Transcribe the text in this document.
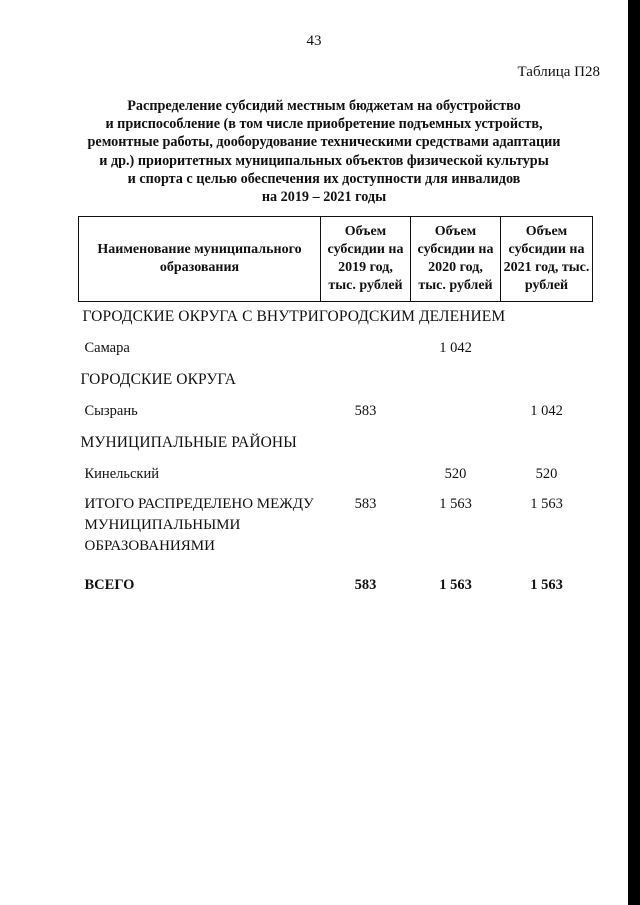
43
Таблица П28
Распределение субсидий местным бюджетам на обустройство
и приспособление (в том числе приобретение подъемных устройств,
ремонтные работы, дооборудование техническими средствами адаптации
и др.) приоритетных муниципальных объектов физической культуры
и спорта с целью обеспечения их доступности для инвалидов
на 2019 – 2021 годы
Наименование муниципального образования	Объем субсидии на 2019 год, тыс. рублей	Объем субсидии на 2020 год, тыс. рублей	Объем субсидии на 2021 год, тыс. рублей
ГОРОДСКИЕ ОКРУГА С ВНУТРИГОРОДСКИМ ДЕЛЕНИЕМ			
Самара		1 042	
ГОРОДСКИЕ ОКРУГА			
Сызрань	583		1 042
МУНИЦИПАЛЬНЫЕ РАЙОНЫ			
Кинельский		520	520
ИТОГО РАСПРЕДЕЛЕНО МЕЖДУ МУНИЦИПАЛЬНЫМИ ОБРАЗОВАНИЯМИ	583	1 563	1 563
ВСЕГО	583	1 563	1 563
